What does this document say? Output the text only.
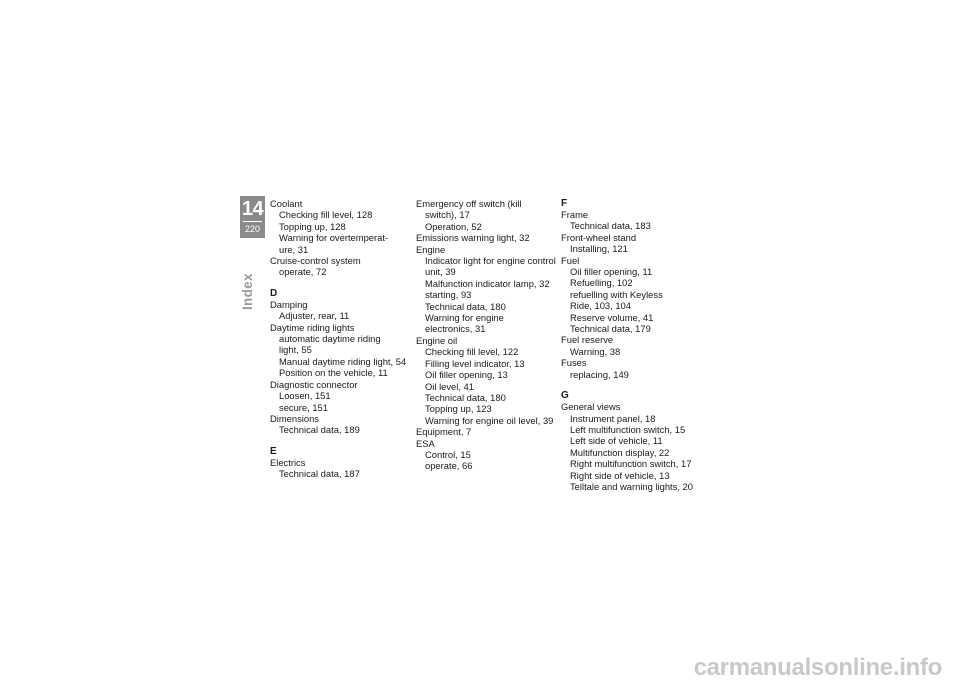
14
220
Index
Coolant
Checking fill level, 128
Topping up, 128
Warning for overtemperat-
ure, 31
Cruise-control system
operate, 72
D
Damping
Adjuster, rear, 11
Daytime riding lights
automatic daytime riding
light, 55
Manual daytime riding light, 54
Position on the vehicle, 11
Diagnostic connector
Loosen, 151
secure, 151
Dimensions
Technical data, 189
E
Electrics
Technical data, 187
Emergency off switch (kill
switch), 17
Operation, 52
Emissions warning light, 32
Engine
Indicator light for engine control
unit, 39
Malfunction indicator lamp, 32
starting, 93
Technical data, 180
Warning for engine
electronics, 31
Engine oil
Checking fill level, 122
Filling level indicator, 13
Oil filler opening, 13
Oil level, 41
Technical data, 180
Topping up, 123
Warning for engine oil level, 39
Equipment, 7
ESA
Control, 15
operate, 66
F
Frame
Technical data, 183
Front-wheel stand
Installing, 121
Fuel
Oil filler opening, 11
Refuelling, 102
refuelling with Keyless
Ride, 103, 104
Reserve volume, 41
Technical data, 179
Fuel reserve
Warning, 38
Fuses
replacing, 149
G
General views
Instrument panel, 18
Left multifunction switch, 15
Left side of vehicle, 11
Multifunction display, 22
Right multifunction switch, 17
Right side of vehicle, 13
Telltale and warning lights, 20
carmanualsonline.info
